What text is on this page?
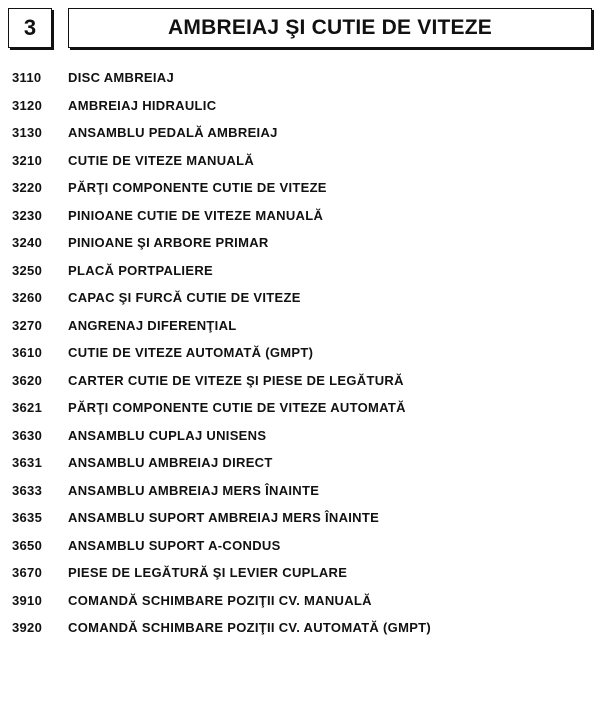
3	AMBREIAJ ŞI CUTIE DE VITEZE
3110	DISC AMBREIAJ
3120	AMBREIAJ HIDRAULIC
3130	ANSAMBLU PEDALĂ AMBREIAJ
3210	CUTIE DE VITEZE MANUALĂ
3220	PĂRŢI COMPONENTE CUTIE DE VITEZE
3230	PINIOANE CUTIE DE VITEZE MANUALĂ
3240	PINIOANE ŞI ARBORE PRIMAR
3250	PLACĂ PORTPALIERE
3260	CAPAC ŞI FURCĂ CUTIE DE VITEZE
3270	ANGRENAJ DIFERENŢIAL
3610	CUTIE DE VITEZE AUTOMATĂ (GMPT)
3620	CARTER CUTIE DE VITEZE ŞI PIESE DE LEGĂTURĂ
3621	PĂRŢI COMPONENTE CUTIE DE VITEZE AUTOMATĂ
3630	ANSAMBLU CUPLAJ UNISENS
3631	ANSAMBLU AMBREIAJ DIRECT
3633	ANSAMBLU AMBREIAJ MERS ÎNAINTE
3635	ANSAMBLU SUPORT AMBREIAJ MERS ÎNAINTE
3650	ANSAMBLU SUPORT A-CONDUS
3670	PIESE DE LEGĂTURĂ ŞI LEVIER CUPLARE
3910	COMANDĂ SCHIMBARE POZIŢII CV. MANUALĂ
3920	COMANDĂ SCHIMBARE POZIŢII CV. AUTOMATĂ (GMPT)
